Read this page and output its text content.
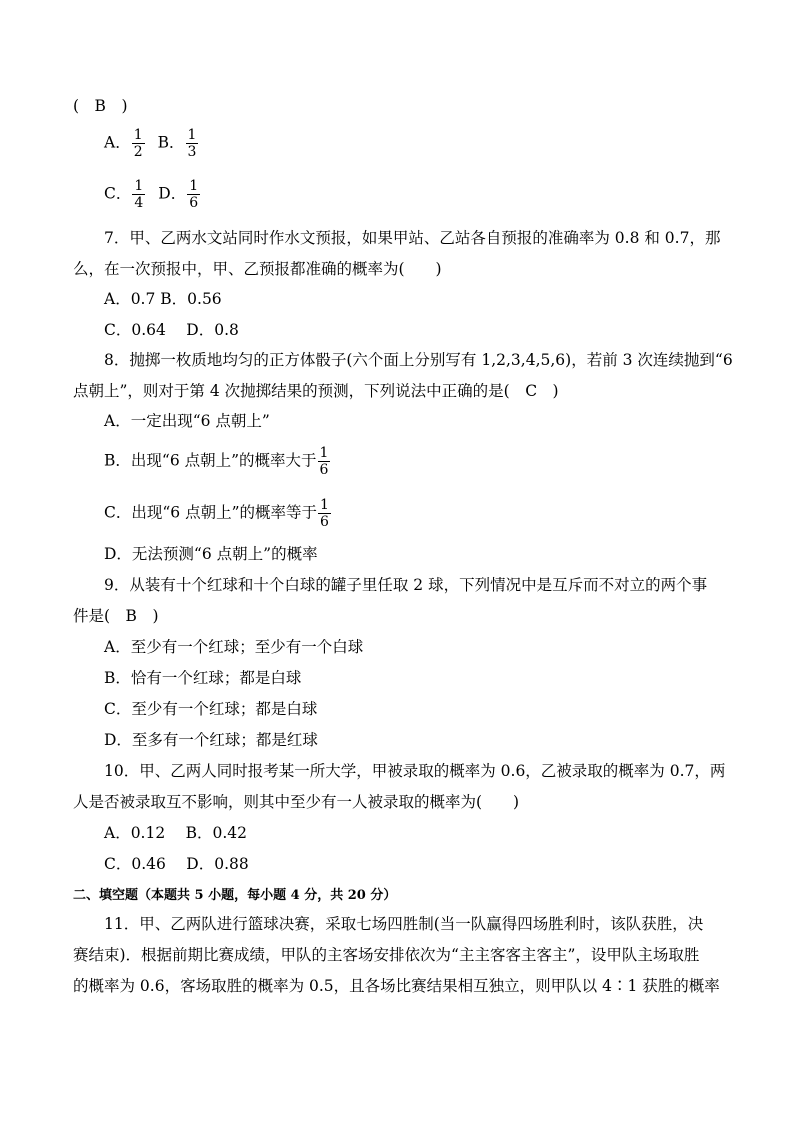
(　B　)
A． $\frac{1}{2}$ B． $\frac{1}{3}$
C． $\frac{1}{4}$ D． $\frac{1}{6}$
7．甲、乙两水文站同时作水文预报，如果甲站、乙站各自预报的准确率为 0.8 和 0.7，那
么，在一次预报中，甲、乙预报都准确的概率为(　　)
A．0.7 B．0.56
C．0.64　 D．0.8
8．抛掷一枚质地均匀的正方体骰子(六个面上分别写有 1,2,3,4,5,6)，若前 3 次连续抛到“6
点朝上”，则对于第 4 次抛掷结果的预测，下列说法中正确的是(　C　)
A．一定出现“6 点朝上”
B．出现“6 点朝上”的概率大于 $\frac{1}{6}$
C．出现“6 点朝上”的概率等于 $\frac{1}{6}$
D．无法预测“6 点朝上”的概率
9．从装有十个红球和十个白球的罐子里任取 2 球，下列情况中是互斥而不对立的两个事
件是(　B　)
A．至少有一个红球；至少有一个白球
B．恰有一个红球；都是白球
C．至少有一个红球；都是白球
D．至多有一个红球；都是红球
10．甲、乙两人同时报考某一所大学，甲被录取的概率为 0.6，乙被录取的概率为 0.7，两
人是否被录取互不影响，则其中至少有一人被录取的概率为(　　)
A．0.12　 B．0.42
C．0.46　 D．0.88
二、填空题（本题共 5 小题，每小题 4 分，共 20 分）
11．甲、乙两队进行篮球决赛，采取七场四胜制(当一队赢得四场胜利时，该队获胜，决
赛结束)．根据前期比赛成绩，甲队的主客场安排依次为“主主客客主客主”，设甲队主场取胜
的概率为 0.6，客场取胜的概率为 0.5，且各场比赛结果相互独立，则甲队以 4∶1 获胜的概率
